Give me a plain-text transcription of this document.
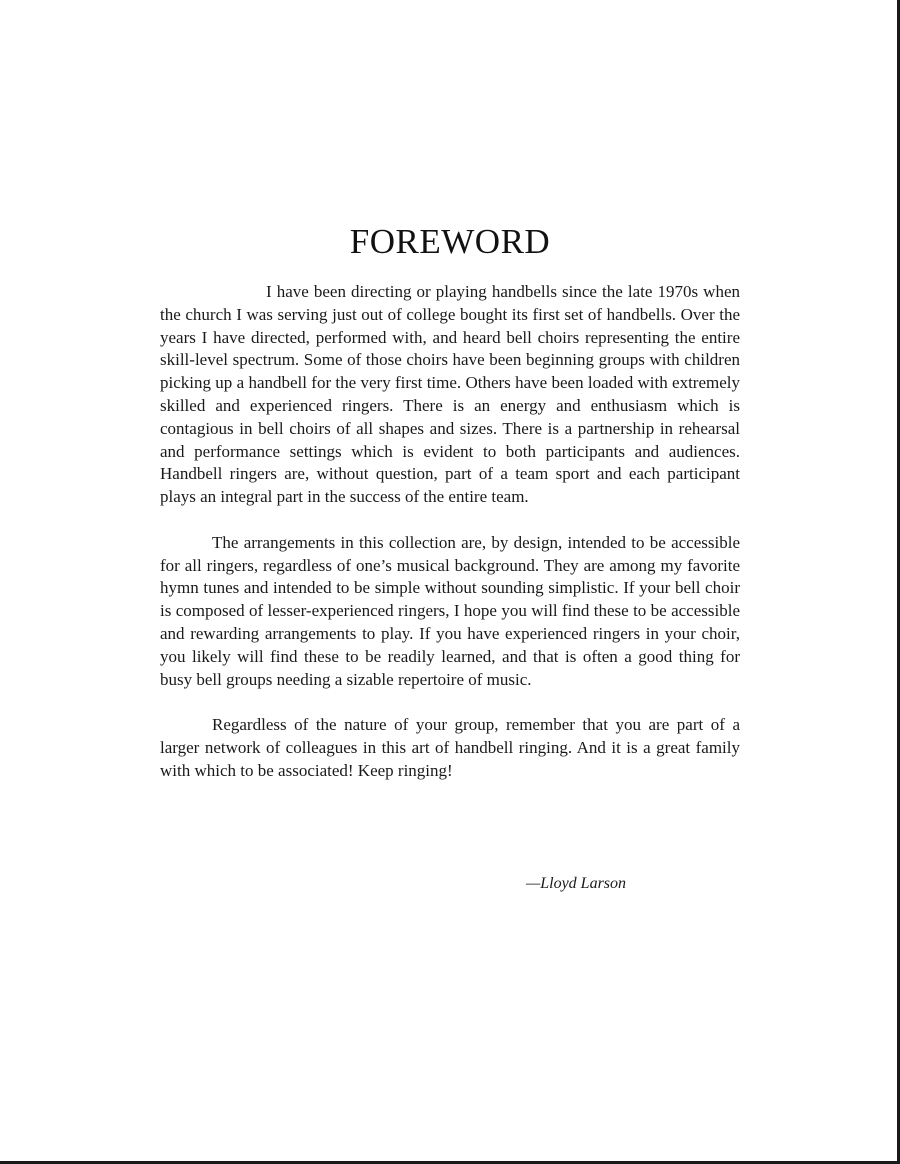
FOREWORD

I have been directing or playing handbells since the late 1970s when the church I was serving just out of college bought its first set of handbells. Over the years I have directed, performed with, and heard bell choirs representing the entire skill-level spectrum. Some of those choirs have been beginning groups with children picking up a handbell for the very first time. Others have been loaded with extremely skilled and experienced ringers. There is an energy and enthusiasm which is contagious in bell choirs of all shapes and sizes. There is a partnership in rehearsal and performance settings which is evident to both participants and audiences. Handbell ringers are, without question, part of a team sport and each participant plays an integral part in the success of the entire team.

The arrangements in this collection are, by design, intended to be accessible for all ringers, regardless of one’s musical background. They are among my favorite hymn tunes and intended to be simple without sounding simplistic. If your bell choir is composed of lesser-experienced ringers, I hope you will find these to be accessible and rewarding arrangements to play. If you have experienced ringers in your choir, you likely will find these to be readily learned, and that is often a good thing for busy bell groups needing a sizable repertoire of music.

Regardless of the nature of your group, remember that you are part of a larger network of colleagues in this art of handbell ringing. And it is a great family with which to be associated! Keep ringing!

—Lloyd Larson
